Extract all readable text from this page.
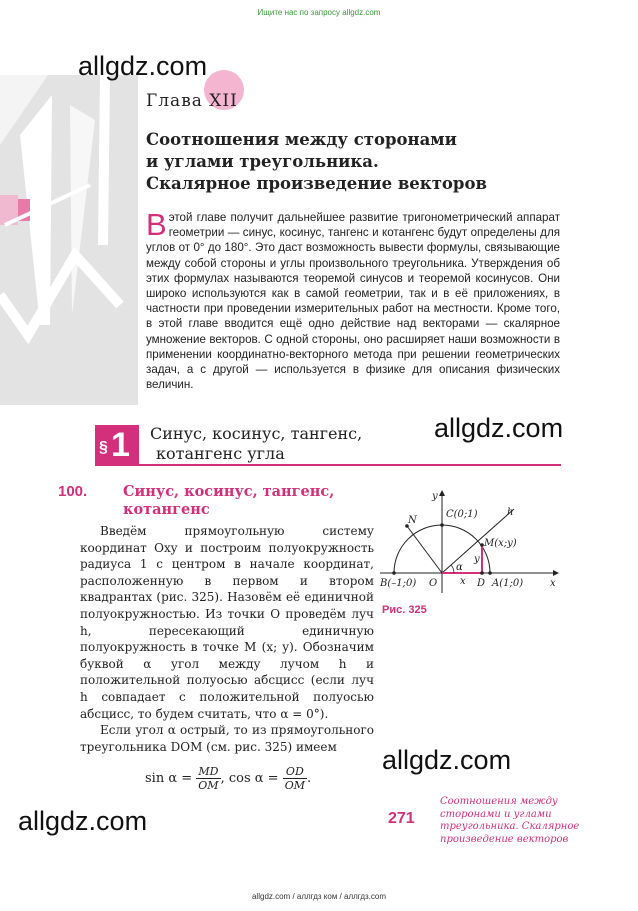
Ищите нас по запросу allgdz.com
allgdz.com
Глава XII
Соотношения между сторонами
и углами треугольника.
Скалярное произведение векторов
В этой главе получит дальнейшее развитие тригонометрический аппарат геометрии — синус, косинус, тангенс и котангенс будут определены для углов от 0° до 180°. Это даст возможность вывести формулы, связывающие между собой стороны и углы произвольного треугольника. Утверждения об этих формулах называются теоремой синусов и теоремой косинусов. Они широко используются как в самой геометрии, так и в её приложениях, в частности при проведении измерительных работ на местности. Кроме того, в этой главе вводится ещё одно действие над векторами — скалярное умножение векторов. С одной стороны, оно расширяет наши возможности в применении координатно-векторного метода при решении геометрических задач, а с другой — используется в физике для описания физических величин.
§ 1 Синус, косинус, тангенс,
котангенс угла
allgdz.com
100. Синус, косинус, тангенс,
котангенс

Введём прямоугольную систему координат Oxy и построим полуокружность радиуса 1 с центром в начале координат, расположенную в первом и втором квадрантах (рис. 325). Назовём её единичной полуокружностью. Из точки O проведём луч h, пересекающий единичную полуокружность в точке M (x; y). Обозначим буквой α угол между лучом h и положительной полуосью абсцисс (если луч h совпадает с положительной полуосью абсцисс, то будем считать, что α = 0°).

Если угол α острый, то из прямоугольного треугольника DOM (см. рис. 325) имеем

$\sin \alpha = \frac{MD}{OM}$ , $\cos \alpha = \frac{OD}{OM}$ .
y
x
C(0;1)	h
N
M(x;y)
α
x
y
B(–1;0) O	D A(1;0)
Рис. 325
allgdz.com
allgdz.com	271
Соотношения между
сторонами и углами
треугольника. Скалярное
произведение векторов
allgdz.com / аллгдз ком / аллгдз.com
